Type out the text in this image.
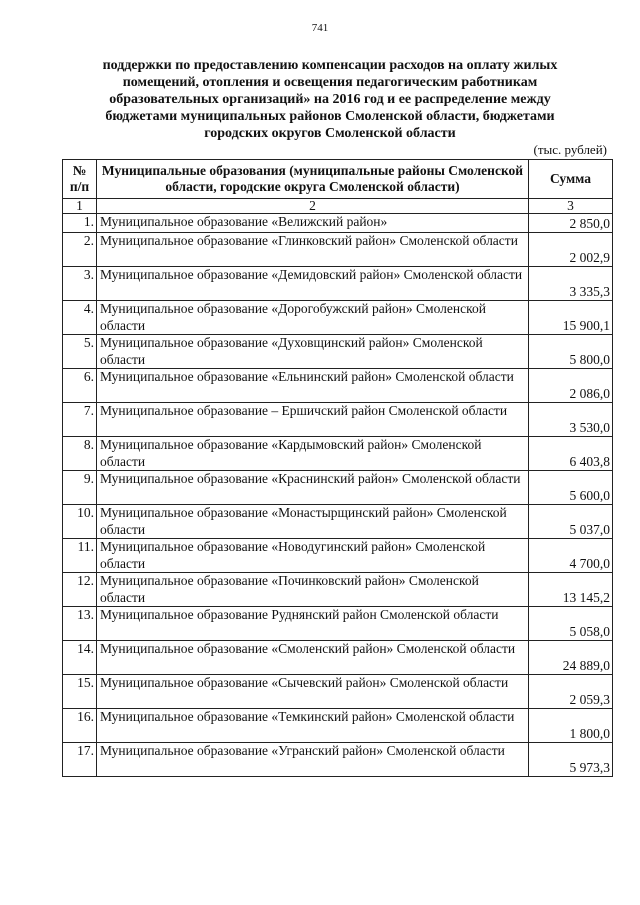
741
поддержки по предоставлению компенсации расходов на оплату жилых
помещений, отопления и освещения педагогическим работникам
образовательных организаций» на 2016 год и ее распределение между
бюджетами муниципальных районов Смоленской области, бюджетами
городских округов Смоленской области
(тыс. рублей)
№ п/п	Муниципальные образования (муниципальные районы Смоленской области, городские округа Смоленской области)	Сумма
1	2	3
1.	Муниципальное образование «Велижский район»	2 850,0
2.	Муниципальное образование «Глинковский район» Смоленской области	2 002,9
3.	Муниципальное образование «Демидовский район» Смоленской области	3 335,3
4.	Муниципальное образование «Дорогобужский район» Смоленской области	15 900,1
5.	Муниципальное образование «Духовщинский район» Смоленской области	5 800,0
6.	Муниципальное образование «Ельнинский район» Смоленской области	2 086,0
7.	Муниципальное образование – Ершичский район Смоленской области	3 530,0
8.	Муниципальное образование «Кардымовский район» Смоленской области	6 403,8
9.	Муниципальное образование «Краснинский район» Смоленской области	5 600,0
10.	Муниципальное образование «Монастырщинский район» Смоленской области	5 037,0
11.	Муниципальное образование «Новодугинский район» Смоленской области	4 700,0
12.	Муниципальное образование «Починковский район» Смоленской области	13 145,2
13.	Муниципальное образование Руднянский район Смоленской области	5 058,0
14.	Муниципальное образование «Смоленский район» Смоленской области	24 889,0
15.	Муниципальное образование «Сычевский район» Смоленской области	2 059,3
16.	Муниципальное образование «Темкинский район» Смоленской области	1 800,0
17.	Муниципальное образование «Угранский район» Смоленской области	5 973,3
